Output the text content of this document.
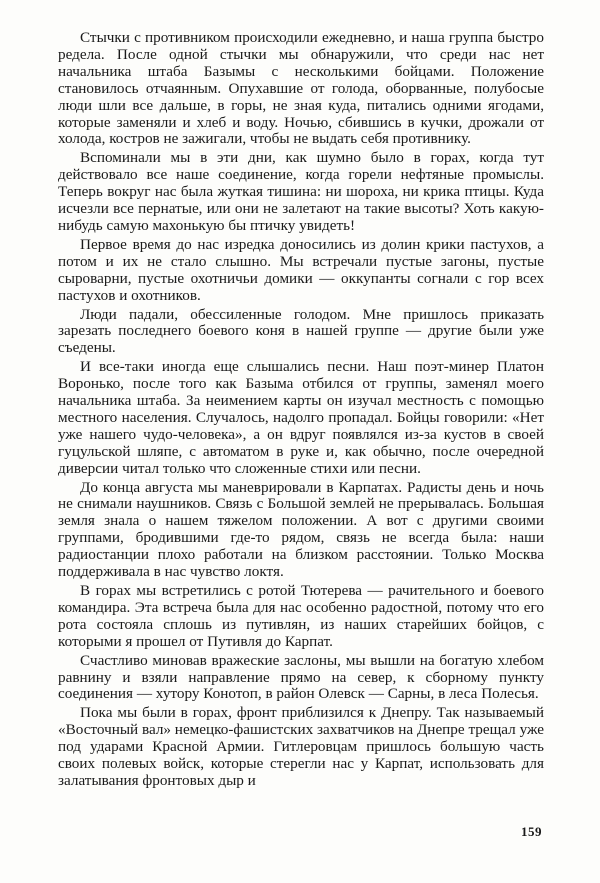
Стычки с противником происходили ежедневно, и наша группа быстро редела. После одной стычки мы обнаружили, что среди нас нет начальника штаба Базымы с несколькими бойцами. Положение становилось отчаянным. Опухавшие от голода, оборванные, полубосые люди шли все дальше, в горы, не зная куда, питались одними ягодами, которые заменяли и хлеб и воду. Ночью, сбившись в кучки, дрожали от холода, костров не зажигали, чтобы не выдать себя противнику.

Вспоминали мы в эти дни, как шумно было в горах, когда тут действовало все наше соединение, когда горели нефтяные промыслы. Теперь вокруг нас была жуткая тишина: ни шороха, ни крика птицы. Куда исчезли все пернатые, или они не залетают на такие высоты? Хоть какую-нибудь самую махонькую бы птичку увидеть!

Первое время до нас изредка доносились из долин крики пастухов, а потом и их не стало слышно. Мы встречали пустые загоны, пустые сыроварни, пустые охотничьи домики — оккупанты согнали с гор всех пастухов и охотников.

Люди падали, обессиленные голодом. Мне пришлось приказать зарезать последнего боевого коня в нашей группе — другие были уже съедены.

И все-таки иногда еще слышались песни. Наш поэт-минер Платон Воронько, после того как Базыма отбился от группы, заменял моего начальника штаба. За неимением карты он изучал местность с помощью местного населения. Случалось, надолго пропадал. Бойцы говорили: «Нет уже нашего чудо-человека», а он вдруг появлялся из-за кустов в своей гуцульской шляпе, с автоматом в руке и, как обычно, после очередной диверсии читал только что сложенные стихи или песни.

До конца августа мы маневрировали в Карпатах. Радисты день и ночь не снимали наушников. Связь с Большой землей не прерывалась. Большая земля знала о нашем тяжелом положении. А вот с другими своими группами, бродившими где-то рядом, связь не всегда была: наши радиостанции плохо работали на близком расстоянии. Только Москва поддерживала в нас чувство локтя.

В горах мы встретились с ротой Тютерева — рачительного и боевого командира. Эта встреча была для нас особенно радостной, потому что его рота состояла сплошь из путивлян, из наших старейших бойцов, с которыми я прошел от Путивля до Карпат.

Счастливо миновав вражеские заслоны, мы вышли на богатую хлебом равнину и взяли направление прямо на север, к сборному пункту соединения — хутору Конотоп, в район Олевск — Сарны, в леса Полесья.

Пока мы были в горах, фронт приблизился к Днепру. Так называемый «Восточный вал» немецко-фашистских захватчиков на Днепре трещал уже под ударами Красной Армии. Гитлеровцам пришлось большую часть своих полевых войск, которые стерегли нас у Карпат, использовать для залатывания фронтовых дыр и

159
